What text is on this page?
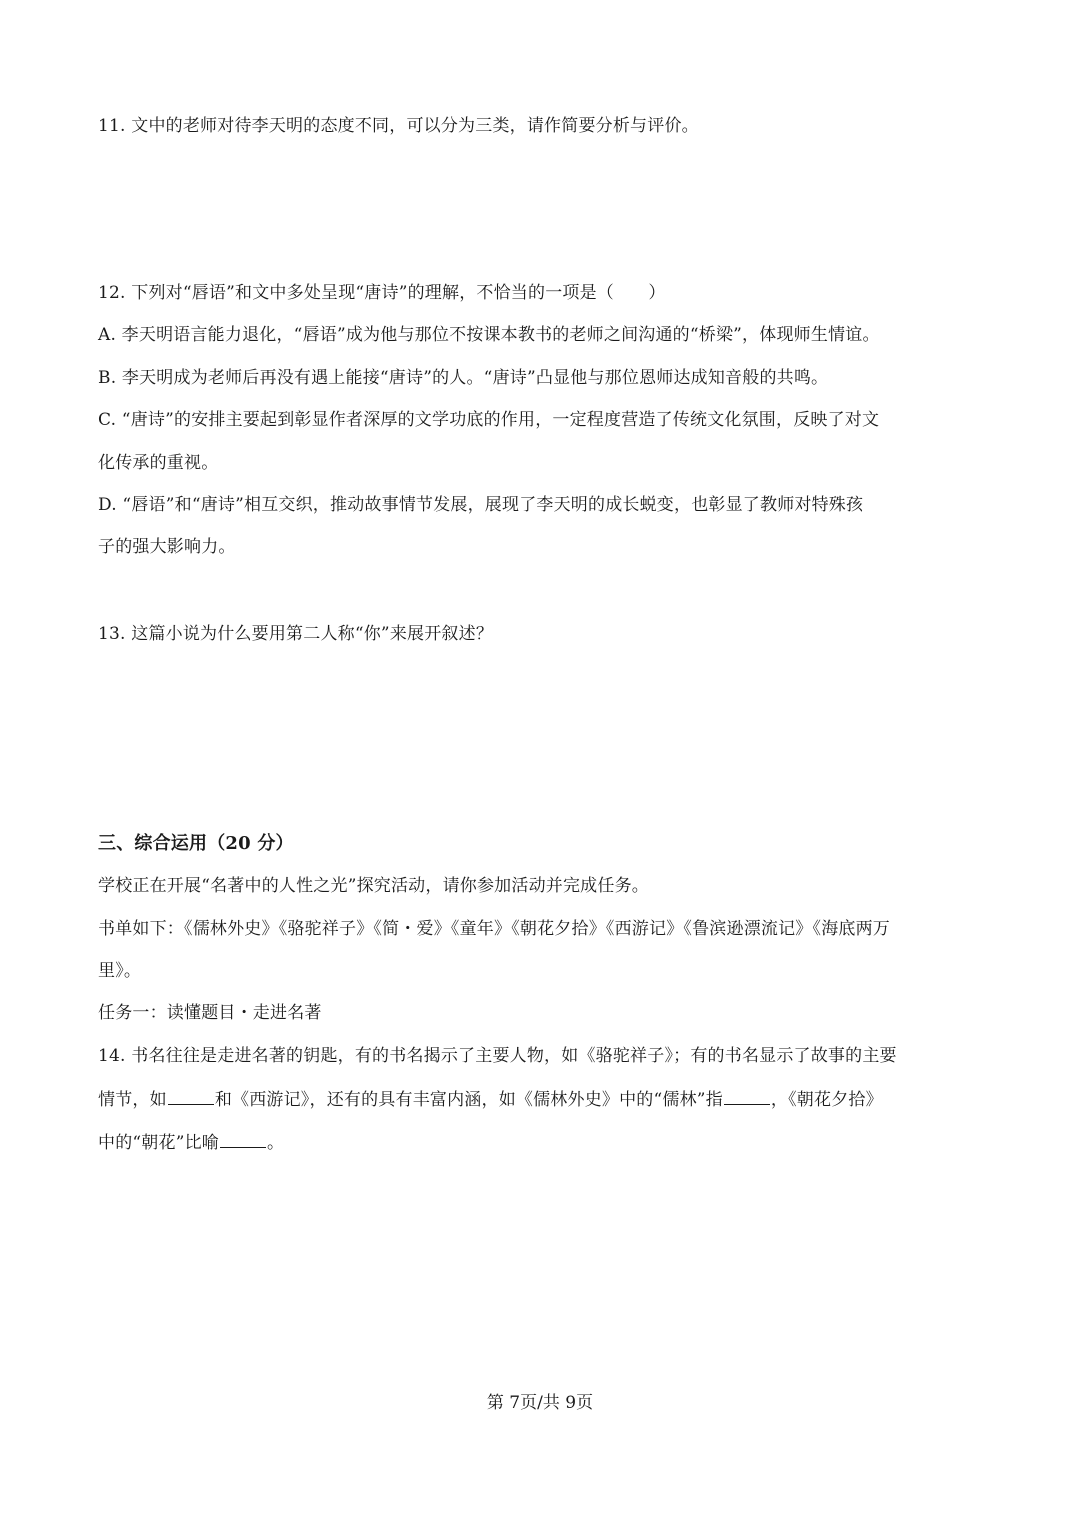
11. 文中的老师对待李天明的态度不同，可以分为三类，请作简要分析与评价。
12. 下列对“唇语”和文中多处呈现“唐诗”的理解，不恰当的一项是（　　）
A. 李天明语言能力退化，“唇语”成为他与那位不按课本教书的老师之间沟通的“桥梁”，体现师生情谊。
B. 李天明成为老师后再没有遇上能接“唐诗”的人。“唐诗”凸显他与那位恩师达成知音般的共鸣。
C. “唐诗”的安排主要起到彰显作者深厚的文学功底的作用，一定程度营造了传统文化氛围，反映了对文
化传承的重视。
D. “唇语”和“唐诗”相互交织，推动故事情节发展，展现了李天明的成长蜕变，也彰显了教师对特殊孩
子的强大影响力。
13. 这篇小说为什么要用第二人称“你”来展开叙述？
三、综合运用（20 分）
学校正在开展“名著中的人性之光”探究活动，请你参加活动并完成任务。
书单如下：《儒林外史》《骆驼祥子》《简・爱》《童年》《朝花夕拾》《西游记》《鲁滨逊漂流记》《海底两万
里》。
任务一：读懂题目・走进名著
14. 书名往往是走进名著的钥匙，有的书名揭示了主要人物，如《骆驼祥子》；有的书名显示了故事的主要
情节，如	和《西游记》，还有的具有丰富内涵，如《儒林外史》中的“儒林”指	，《朝花夕拾》
中的“朝花”比喻	。
第 7页/共 9页
